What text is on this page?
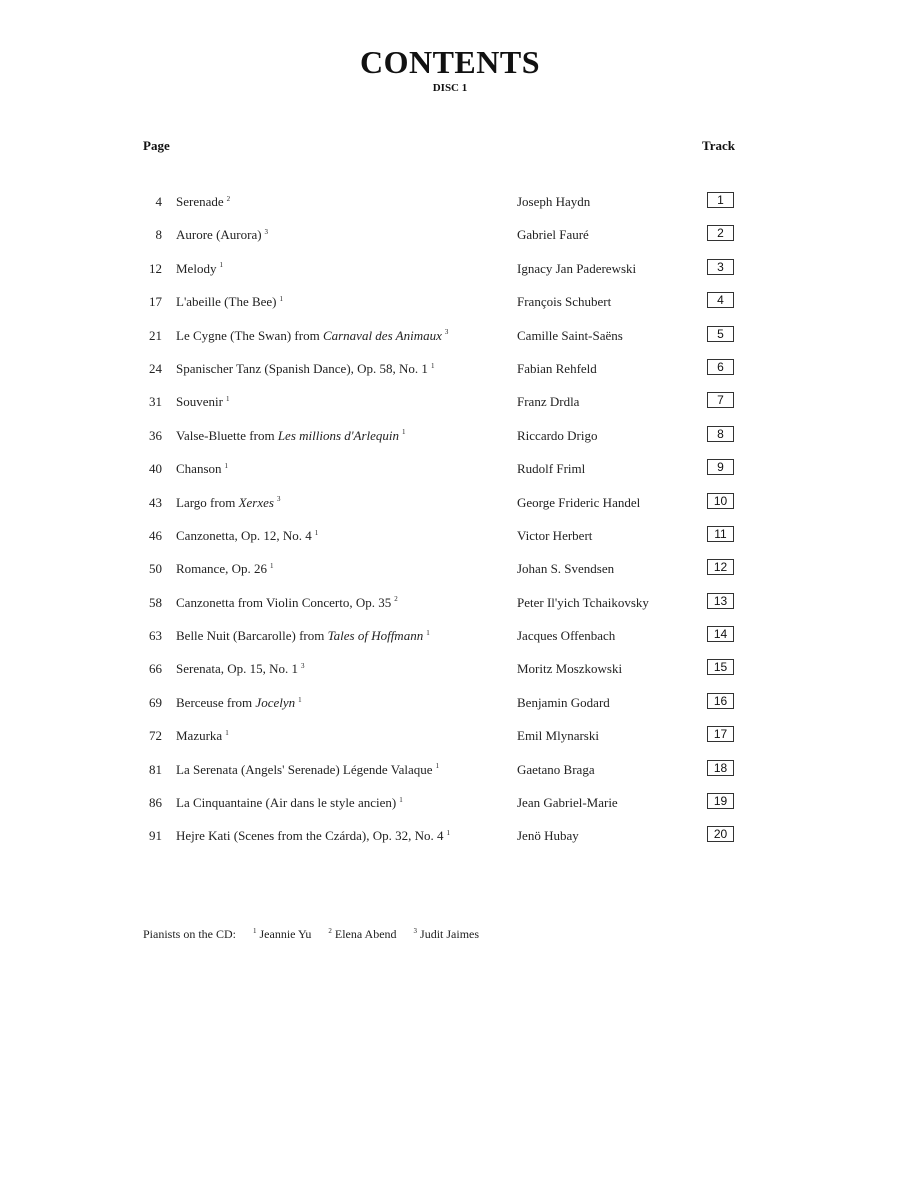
CONTENTS
DISC 1
Page	Track
4 Serenade $^2$	Joseph Haydn	1
8 Aurore (Aurora) $^3$	Gabriel Fauré	2
12 Melody $^1$	Ignacy Jan Paderewski	3
17 L'abeille (The Bee) $^1$	François Schubert	4
21 Le Cygne (The Swan) from Carnaval des Animaux $^3$	Camille Saint-Saëns	5
24 Spanischer Tanz (Spanish Dance), Op. 58, No. 1 $^1$	Fabian Rehfeld	6
31 Souvenir $^1$	Franz Drdla	7
36 Valse-Bluette from Les millions d'Arlequin $^1$	Riccardo Drigo	8
40 Chanson $^1$	Rudolf Friml	9
43 Largo from Xerxes $^3$	George Frideric Handel	10
46 Canzonetta, Op. 12, No. 4 $^1$	Victor Herbert	11
50 Romance, Op. 26 $^1$	Johan S. Svendsen	12
58 Canzonetta from Violin Concerto, Op. 35 $^2$	Peter Il'yich Tchaikovsky	13
63 Belle Nuit (Barcarolle) from Tales of Hoffmann $^1$	Jacques Offenbach	14
66 Serenata, Op. 15, No. 1 $^3$	Moritz Moszkowski	15
69 Berceuse from Jocelyn $^1$	Benjamin Godard	16
72 Mazurka $^1$	Emil Mlynarski	17
81 La Serenata (Angels' Serenade) Légende Valaque $^1$	Gaetano Braga	18
86 La Cinquantaine (Air dans le style ancien) $^1$	Jean Gabriel-Marie	19
91 Hejre Kati (Scenes from the Czárda), Op. 32, No. 4 $^1$	Jenö Hubay	20
Pianists on the CD: $^1$ Jeannie Yu $^2$ Elena Abend $^3$ Judit Jaimes
